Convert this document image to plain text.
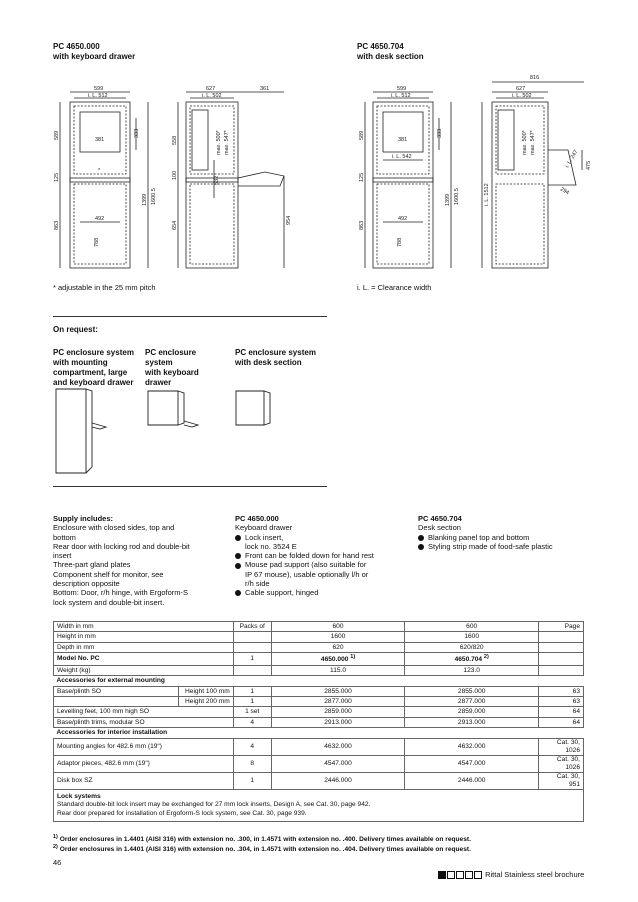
PC 4650.000
with keyboard drawer
PC 4650.704
with desk section
599
i. L. 512
381
333
589
125
863
1600.5
1399
492
788
*
627
i. L. 502
361
max. 500* max. 547*
558
100
654
532
954
599
i. L. 512
381
333
i. L. 542
589
125
863
1600.5
1399
492
788
816
627
i. L. 502
max. 500* max. 547*
i. L. 1512
475
i. L. 247
294
* adjustable in the 25 mm pitch	i. L. = Clearance width
On request:
PC enclosure system
with mounting
compartment, large
and keyboard drawer
PC enclosure
system
with keyboard
drawer
PC enclosure system
with desk section
Supply includes:
Enclosure with closed sides, top and
bottom
Rear door with locking rod and double-bit
insert
Three-part gland plates
Component shelf for monitor, see
description opposite
Bottom: Door, r/h hinge, with Ergoform-S
lock system and double-bit insert.
PC 4650.000
Keyboard drawer
Lock insert,
lock no. 3524 E
Front can be folded down for hand rest
Mouse pad support (also suitable for
IP 67 mouse), usable optionally l/h or
r/h side
Cable support, hinged
PC 4650.704
Desk section
Blanking panel top and bottom
Styling strip made of food-safe plastic
Width in mm		Packs of	600	600	Page
Height in mm			1600	1600	
Depth in mm			620	620/820	
Model No. PC		1	4650.000 $^{1)}$	4650.704 $^{2)}$	
Weight (kg)			115.0	123.0	
Accessories for external mounting					
Base/plinth SO	Height 100 mm	1	2855.000	2855.000	63
	Height 200 mm	1	2877.000	2877.000	63
Levelling feet, 100 mm high SO		1 set	2859.000	2859.000	64
Base/plinth trims, modular SO		4	2913.000	2913.000	64
Accessories for interior installation					
Mounting angles for 482.6 mm (19ʺ)		4	4632.000	4632.000	Cat. 30,
1026

Adaptor pieces, 482.6 mm (19ʺ)		8	4547.000	4547.000	Cat. 30,
1026

Disk box SZ		1	2446.000	2446.000	Cat. 30,
951

Lock systems
Standard double-bit lock insert may be exchanged for 27 mm lock inserts, Design A, see Cat. 30, page 942.
Rear door prepared for installation of Ergoform-S lock system, see Cat. 30, page 939.					
$^{1)}$ Order enclosures in 1.4401 (AISI 316) with extension no. .300, in 1.4571 with extension no. .400. Delivery times available on request.
$^{2)}$ Order enclosures in 1.4401 (AISI 316) with extension no. .304, in 1.4571 with extension no. .404. Delivery times available on request.
46
Rittal Stainless steel brochure
